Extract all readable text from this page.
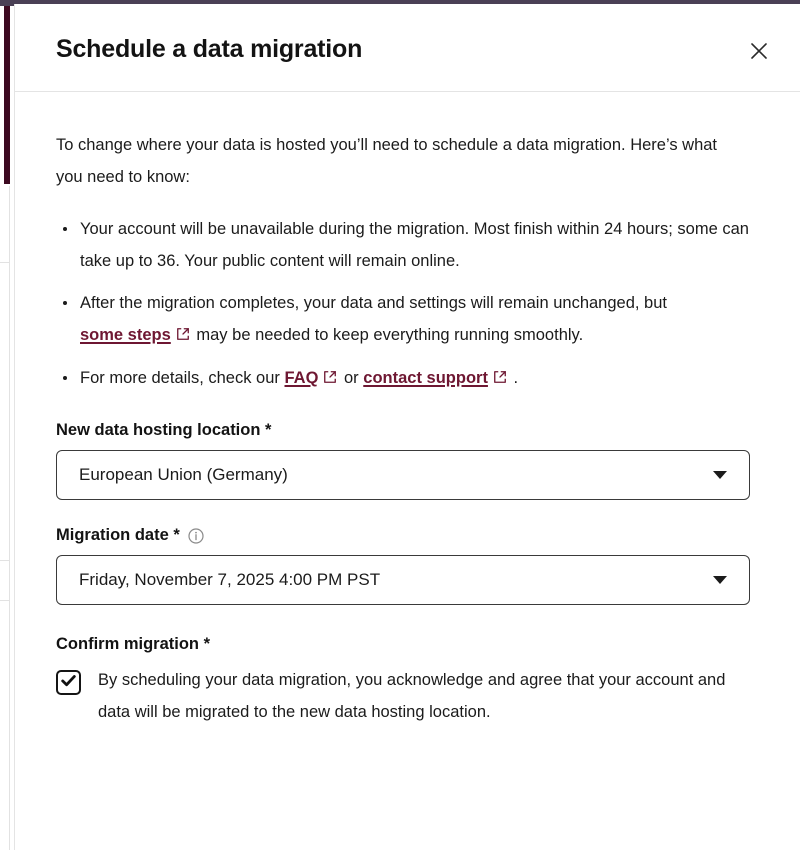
Schedule a data migration

To change where your data is hosted you’ll need to schedule a data migration. Here’s what you need to know:

Your account will be unavailable during the migration. Most finish within 24 hours; some can take up to 36. Your public content will remain online.
After the migration completes, your data and settings will remain unchanged, but some steps may be needed to keep everything running smoothly.
For more details, check our FAQ or contact support .
New data hosting location *
European Union (Germany)
Migration date *
Friday, November 7, 2025 4:00 PM PST
Confirm migration *
By scheduling your data migration, you acknowledge and agree that your account and data will be migrated to the new data hosting location.
